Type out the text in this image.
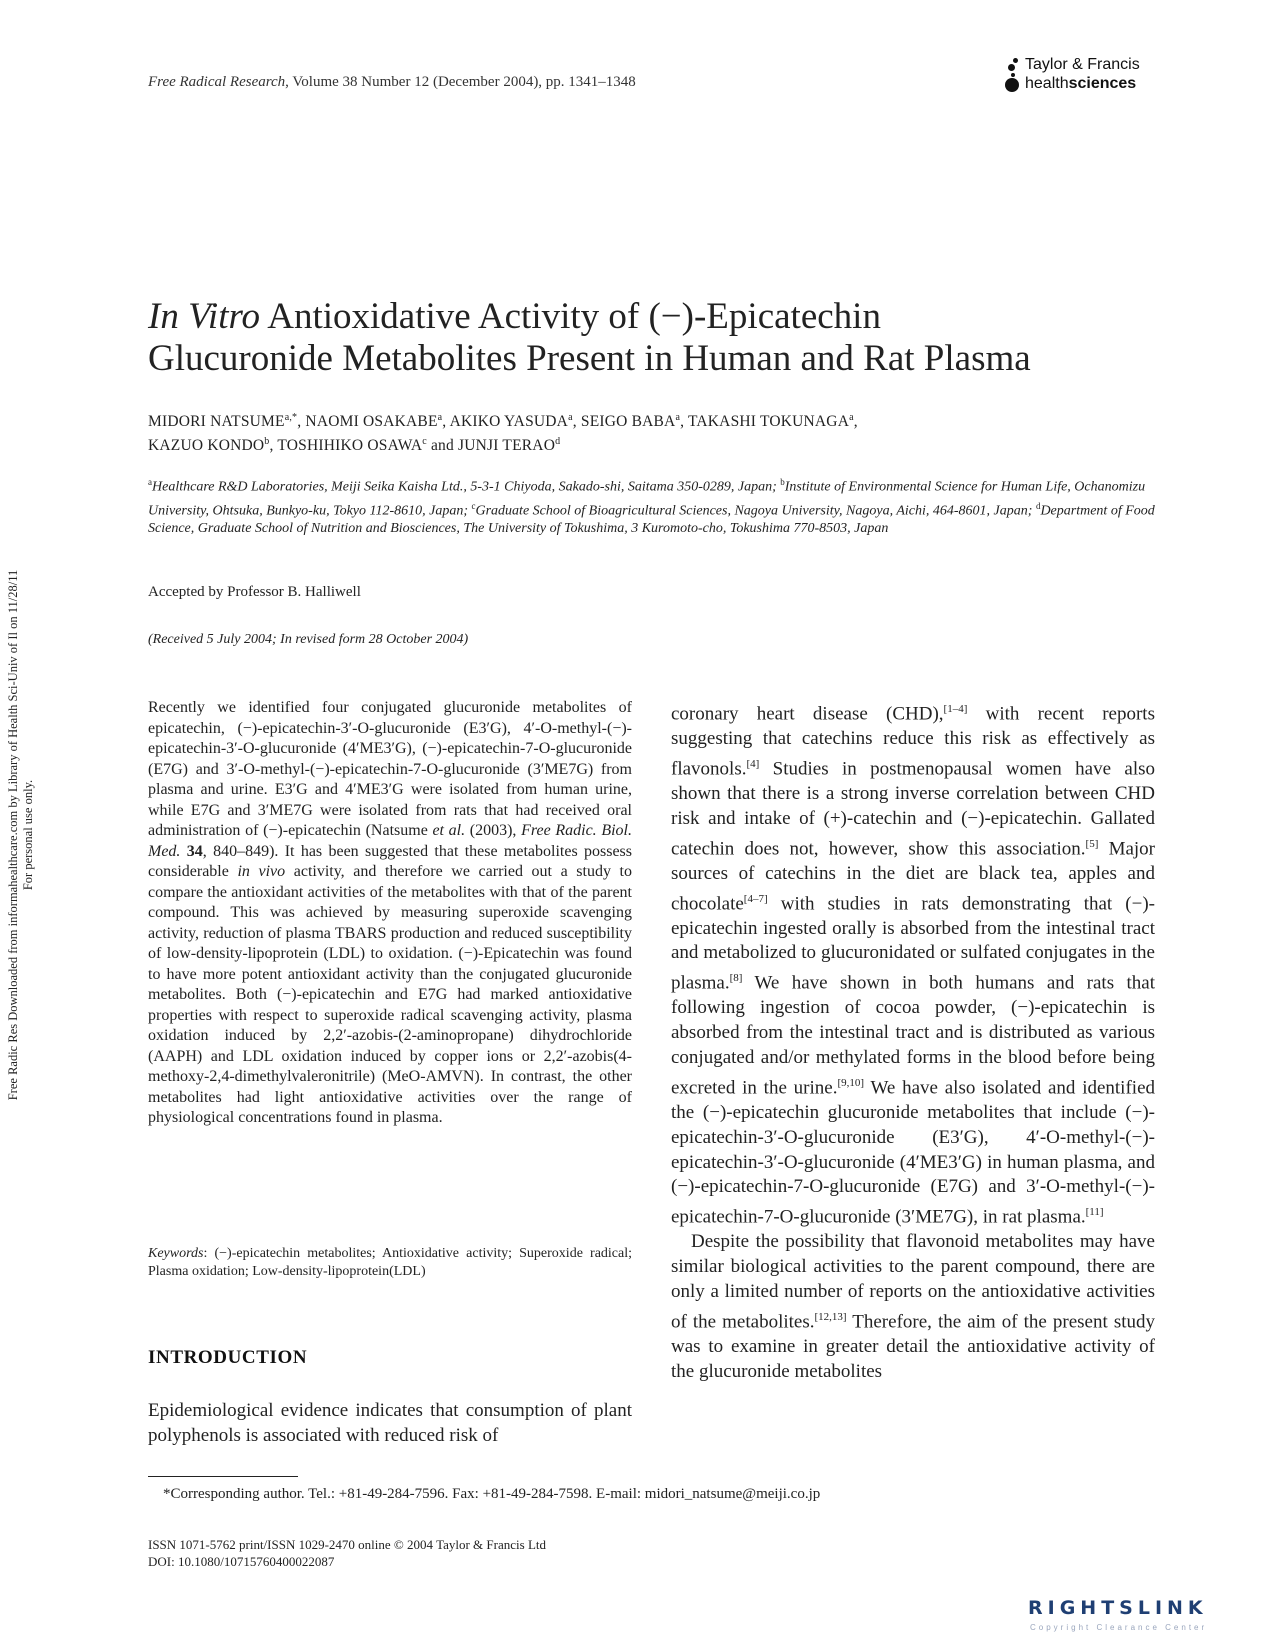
Free Radical Research, Volume 38 Number 12 (December 2004), pp. 1341–1348
Taylor & Francis
healthsciences
Free Radic Res Downloaded from informahealthcare.com by Library of Health Sci-Univ of Il on 11/28/11 For personal use only.
In Vitro Antioxidative Activity of (−)-Epicatechin
Glucuronide Metabolites Present in Human and Rat Plasma
MIDORI $NATSUME^{a,*}$, NAOMI OSAKABE$^a$, AKIKO YASUDA$^a$, SEIGO BABA$^a$, TAKASHI TOKUNAGA$^a$,
KAZUO KONDO$^b$, TOSHIHIKO OSAWA$^c$ and JUNJI TERAO$^d$
$^a$Healthcare R&D Laboratories, Meiji Seika Kaisha Ltd., 5-3-1 Chiyoda, Sakado-shi, Saitama 350-0289, Japan; $^b$Institute of Environmental Science for Human Life, Ochanomizu University, Ohtsuka, Bunkyo-ku, Tokyo 112-8610, Japan; $^c$Graduate School of Bioagricultural Sciences, Nagoya University, Nagoya, Aichi, 464-8601, Japan; $^d$Department of Food Science, Graduate School of Nutrition and Biosciences, The University of Tokushima, 3 Kuromoto-cho, Tokushima 770-8503, Japan
Accepted by Professor B. Halliwell
(Received 5 July 2004; In revised form 28 October 2004)
Recently we identified four conjugated glucuronide metabolites of epicatechin, (−)-epicatechin-3′-O-glucuronide (E3′G), 4′-O-methyl-(−)-epicatechin-3′-O-glucuronide (4′ME3′G), (−)-epicatechin-7-O-glucuronide (E7G) and 3′-O-methyl-(−)-epicatechin-7-O-glucuronide (3′ME7G) from plasma and urine. E3′G and 4′ME3′G were isolated from human urine, while E7G and 3′ME7G were isolated from rats that had received oral administration of (−)-epicatechin (Natsume et al. (2003), Free Radic. Biol. Med. 34, 840–849). It has been suggested that these metabolites possess considerable in vivo activity, and therefore we carried out a study to compare the antioxidant activities of the metabolites with that of the parent compound. This was achieved by measuring superoxide scavenging activity, reduction of plasma TBARS production and reduced susceptibility of low-density-lipoprotein (LDL) to oxidation. (−)-Epicatechin was found to have more potent antioxidant activity than the conjugated glucuronide metabolites. Both (−)-epicatechin and E7G had marked antioxidative properties with respect to superoxide radical scavenging activity, plasma oxidation induced by 2,2′-azobis-(2-aminopropane) dihydrochloride (AAPH) and LDL oxidation induced by copper ions or 2,2′-azobis(4-methoxy-2,4-dimethylvaleronitrile) (MeO-AMVN). In contrast, the other metabolites had light antioxidative activities over the range of physiological concentrations found in plasma.
Keywords: (−)-epicatechin metabolites; Antioxidative activity; Superoxide radical; Plasma oxidation; Low-density-lipoprotein(LDL)
INTRODUCTION
Epidemiological evidence indicates that consumption of plant polyphenols is associated with reduced risk of

coronary heart disease (CHD),[1–4] with recent reports suggesting that catechins reduce this risk as effectively as flavonols.[4] Studies in postmenopausal women have also shown that there is a strong inverse correlation between CHD risk and intake of (+)-catechin and (−)-epicatechin. Gallated catechin does not, however, show this association.[5] Major sources of catechins in the diet are black tea, apples and chocolate[4–7] with studies in rats demonstrating that (−)-epicatechin ingested orally is absorbed from the intestinal tract and metabolized to glucuronidated or sulfated conjugates in the plasma.[8] We have shown in both humans and rats that following ingestion of cocoa powder, (−)-epicatechin is absorbed from the intestinal tract and is distributed as various conjugated and/or methylated forms in the blood before being excreted in the urine.[9,10] We have also isolated and identified the (−)-epicatechin glucuronide metabolites that include (−)-epicatechin-3′-O-glucuronide (E3′G), 4′-O-methyl-(−)-epicatechin-3′-O-glucuronide (4′ME3′G) in human plasma, and (−)-epicatechin-7-O-glucuronide (E7G) and 3′-O-methyl-(−)-epicatechin-7-O-glucuronide (3′ME7G), in rat plasma.[11]

Despite the possibility that flavonoid metabolites may have similar biological activities to the parent compound, there are only a limited number of reports on the antioxidative activities of the metabolites.[12,13] Therefore, the aim of the present study was to examine in greater detail the antioxidative activity of the glucuronide metabolites

*Corresponding author. Tel.: +81-49-284-7596. Fax: +81-49-284-7598. E-mail: midori_natsume@meiji.co.jp
ISSN 1071-5762 print/ISSN 1029-2470 online © 2004 Taylor & Francis Ltd
DOI: 10.1080/10715760400022087
RIGHTSLINK
Copyright Clearance Center
